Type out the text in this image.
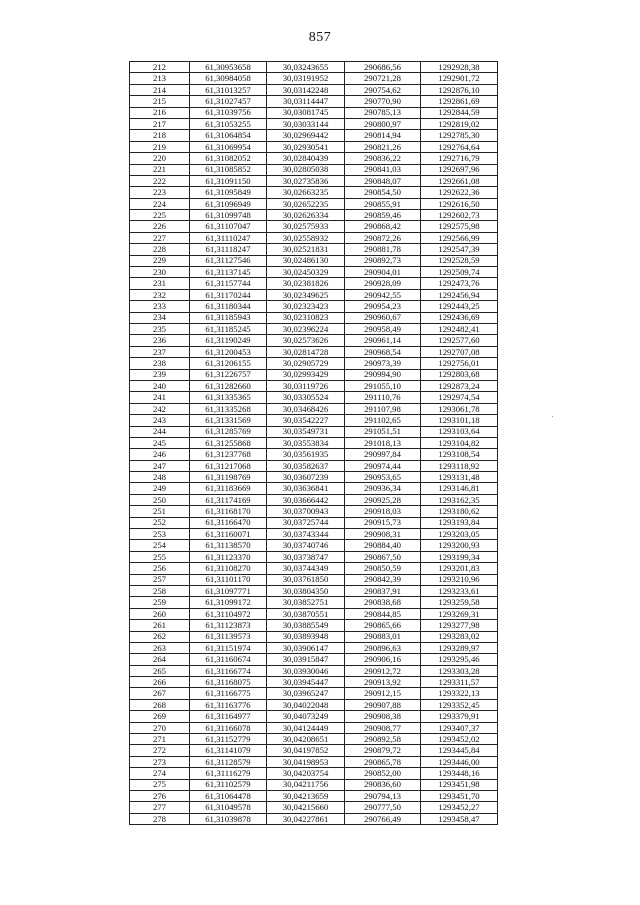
857
212	61,30953658	30,03243655	290686,56	1292928,38
213	61,30984058	30,03191952	290721,28	1292901,72
214	61,31013257	30,03142248	290754,62	1292876,10
215	61,31027457	30,03114447	290770,90	1292861,69
216	61,31039756	30,03081745	290785,13	1292844,59
217	61,31053255	30,03033144	290800,97	1292819,02
218	61,31064854	30,02969442	290814,94	1292785,30
219	61,31069954	30,02930541	290821,26	1292764,64
220	61,31082052	30,02840439	290836,22	1292716,79
221	61,31085852	30,02805038	290841,03	1292697,96
222	61,31091150	30,02735836	290848,07	1292661,08
223	61,31095849	30,02663235	290854,50	1292622,36
224	61,31096949	30,02652235	290855,91	1292616,50
225	61,31099748	30,02626334	290859,46	1292602,73
226	61,31107047	30,02575933	290868,42	1292575,98
227	61,31110247	30,02558932	290872,26	1292566,99
228	61,31118247	30,02521831	290881,78	1292547,39
229	61,31127546	30,02486130	290892,73	1292528,59
230	61,31137145	30,02450329	290904,01	1292509,74
231	61,31157744	30,02381826	290928,09	1292473,76
232	61,31170244	30,02349625	290942,55	1292456,94
233	61,31180344	30,02323423	290954,23	1292443,25
234	61,31185943	30,02310823	290960,67	1292436,69
235	61,31185245	30,02396224	290958,49	1292482,41
236	61,31190249	30,02573626	290961,14	1292577,60
237	61,31200453	30,02814728	290968,54	1292707,08
238	61,31206155	30,02905729	290973,39	1292756,01
239	61,31226757	30,02993429	290994,90	1292803,68
240	61,31282660	30,03119726	291055,10	1292873,24
241	61,31335365	30,03305524	291110,76	1292974,54
242	61,31335268	30,03468426	291107,98	1293061,78
243	61,31331569	30,03542227	291102,65	1293101,18
244	61,31285769	30,03549731	291051,51	1293103,64
245	61,31255868	30,03553834	291018,13	1293104,82
246	61,31237768	30,03561935	290997,84	1293108,54
247	61,31217068	30,03582637	290974,44	1293118,92
248	61,31198769	30,03607239	290953,65	1293131,48
249	61,31183669	30,03636841	290936,34	1293146,81
250	61,31174169	30,03666442	290925,28	1293162,35
251	61,31168170	30,03700943	290918,03	1293180,62
252	61,31166470	30,03725744	290915,73	1293193,84
253	61,31160071	30,03743344	290908,31	1293203,05
254	61,31138570	30,03740746	290884,40	1293200,93
255	61,31123370	30,03738747	290867,50	1293199,34
256	61,31108270	30,03744349	290850,59	1293201,83
257	61,31101170	30,03761850	290842,39	1293210,96
258	61,31097771	30,03804350	290837,91	1293233,61
259	61,31099172	30,03852751	290838,68	1293259,58
260	61,31104972	30,03870551	290844,85	1293269,31
261	61,31123873	30,03885549	290865,66	1293277,98
262	61,31139573	30,03893948	290883,01	1293283,02
263	61,31151974	30,03906147	290896,63	1293289,97
264	61,31160674	30,03915847	290906,16	1293295,46
265	61,31166774	30,03930046	290912,72	1293303,28
266	61,31168075	30,03945447	290913,92	1293311,57
267	61,31166775	30,03965247	290912,15	1293322,13
268	61,31163776	30,04022048	290907,88	1293352,45
269	61,31164977	30,04073249	290908,38	1293379,91
270	61,31166078	30,04124449	290908,77	1293407,37
271	61,31152779	30,04208651	290892,58	1293452,02
272	61,31141079	30,04197852	290879,72	1293445,84
273	61,31128579	30,04198953	290865,78	1293446,00
274	61,31116279	30,04203754	290852,00	1293448,16
275	61,31102579	30,04211756	290836,60	1293451,98
276	61,31064478	30,04213659	290794,13	1293451,70
277	61,31049578	30,04215660	290777,50	1293452,27
278	61,31039878	30,04227861	290766,49	1293458,47
